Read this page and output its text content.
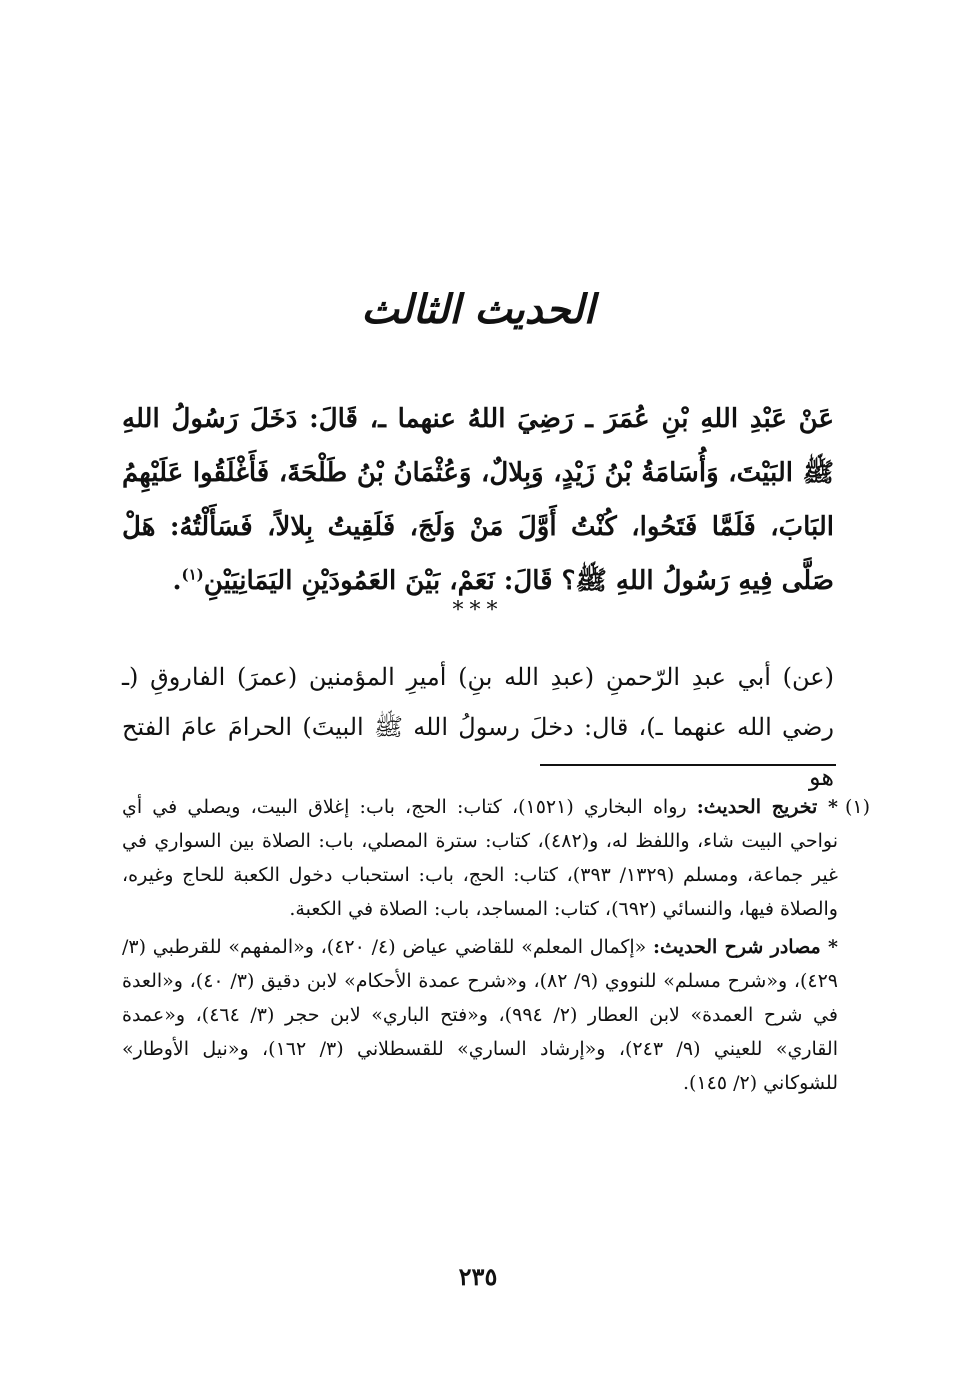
الحديث الثالث
عَنْ عَبْدِ اللهِ بْنِ عُمَرَ ـ رَضِيَ اللهُ عنهما ـ، قَالَ: دَخَلَ رَسُولُ اللهِ ﷺ البَيْتَ، وَأُسَامَةُ بْنُ زَيْدٍ، وَبِلالٌ، وَعُثْمَانُ بْنُ طَلْحَةَ، فَأَغْلَقُوا عَلَيْهِمُ البَابَ، فَلَمَّا فَتَحُوا، كُنْتُ أَوَّلَ مَنْ وَلَجَ، فَلَقِيتُ بِلالاً، فَسَأَلْتُهُ: هَلْ صَلَّى فِيهِ رَسُولُ اللهِ ﷺ؟ قَالَ: نَعَمْ، بَيْنَ العَمُودَيْنِ اليَمَانِيَيْنِ$^{(١)}$.
***
(عن) أبي عبدِ الرّحمنِ (عبدِ الله بنِ) أميرِ المؤمنين (عمرَ) الفاروقِ (ـ رضي الله عنهما ـ)، قال: دخلَ رسولُ الله ﷺ البيتَ) الحرامَ عامَ الفتح هو
(١)

* تخريج الحديث: رواه البخاري (١٥٢١)، كتاب: الحج، باب: إغلاق البيت، ويصلي في أي نواحي البيت شاء، واللفظ له، و(٤٨٢)، كتاب: سترة المصلي، باب: الصلاة بين السواري في غير جماعة، ومسلم (١٣٢٩/ ٣٩٣)، كتاب: الحج، باب: استحباب دخول الكعبة للحاج وغيره، والصلاة فيها، والنسائي (٦٩٢)، كتاب: المساجد، باب: الصلاة في الكعبة.

* مصادر شرح الحديث: «إكمال المعلم» للقاضي عياض (٤/ ٤٢٠)، و«المفهم» للقرطبي (٣/ ٤٢٩)، و«شرح مسلم» للنووي (٩/ ٨٢)، و«شرح عمدة الأحكام» لابن دقيق (٣/ ٤٠)، و«العدة في شرح العمدة» لابن العطار (٢/ ٩٩٤)، و«فتح الباري» لابن حجر (٣/ ٤٦٤)، و«عمدة القاري» للعيني (٩/ ٢٤٣)، و«إرشاد الساري» للقسطلاني (٣/ ١٦٢)، و«نيل الأوطار» للشوكاني (٢/ ١٤٥).

٢٣٥
